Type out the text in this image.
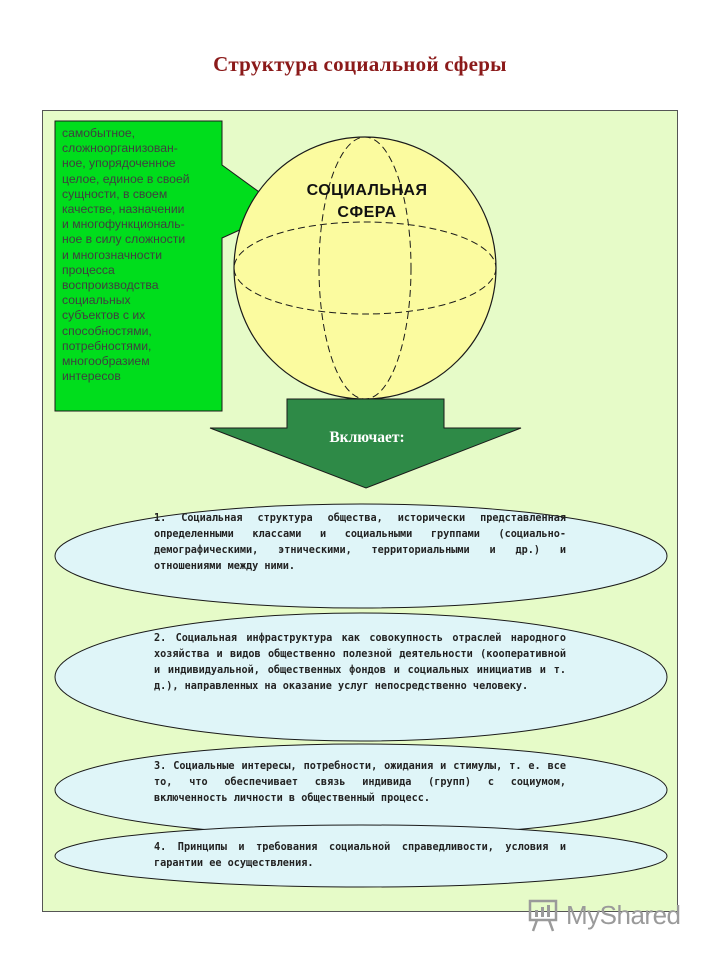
Структура социальной сферы
самобытное,
сложноорганизован-
ное, упорядоченное
целое, единое в своей
сущности, в своем
качестве, назначении
и многофункциональ-
ное в силу сложности
и многозначности
процесса
воспроизводства
социальных
субъектов с их
способностями,
потребностями,
многообразием
интересов
СОЦИАЛЬНАЯ
СФЕРА
Включает:
1. Социальная структура общества, исторически представленная определенными классами и социальными группами (социально-демографическими, этническими, территориальными и др.) и отношениями между ними.
2. Социальная инфраструктура как совокупность отраслей народного хозяйства и видов общественно полезной деятельности (кооперативной и индивидуальной, общественных фондов и социальных инициатив и т. д.), направленных на оказание услуг непосредственно человеку.
3. Социальные интересы, потребности, ожидания и стимулы, т. е. все то, что обеспечивает связь индивида (групп) с социумом, включенность личности в общественный процесс.
4. Принципы и требования социальной справедливости, условия и гарантии ее осуществления.
MyShared
